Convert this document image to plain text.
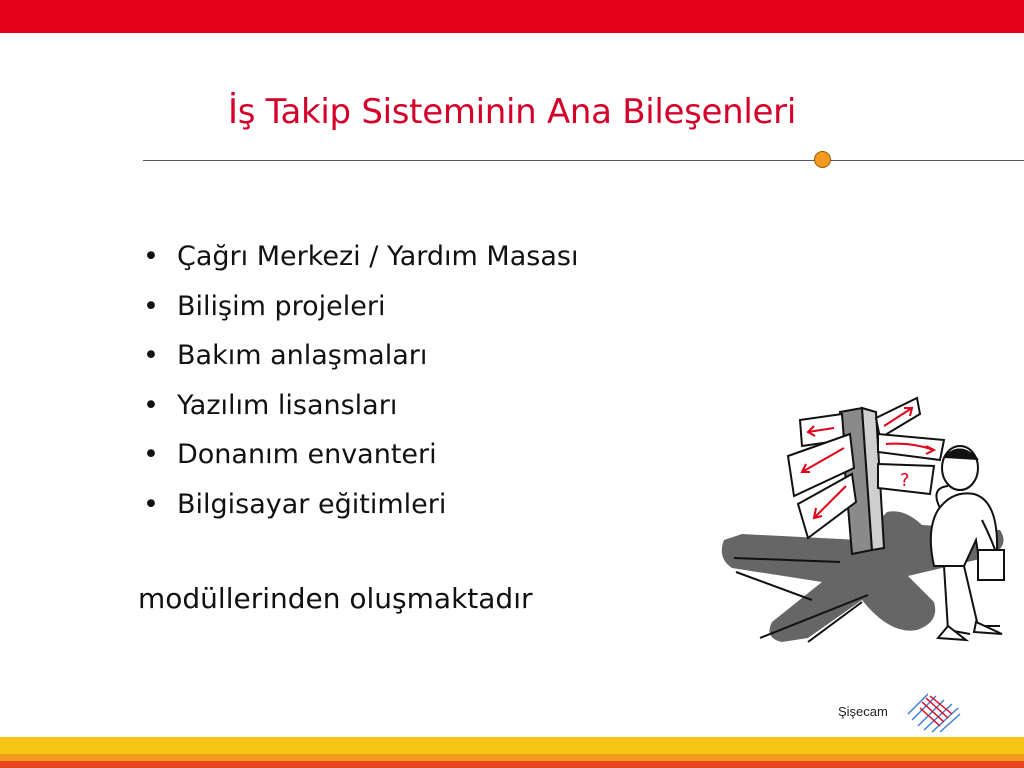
İş Takip Sisteminin Ana Bileşenleri
• Çağrı Merkezi / Yardım Masası
• Bilişim projeleri
• Bakım anlaşmaları
• Yazılım lisansları
• Donanım envanteri
• Bilgisayar eğitimleri

modüllerinden oluşmaktadır

?
Şişecam
